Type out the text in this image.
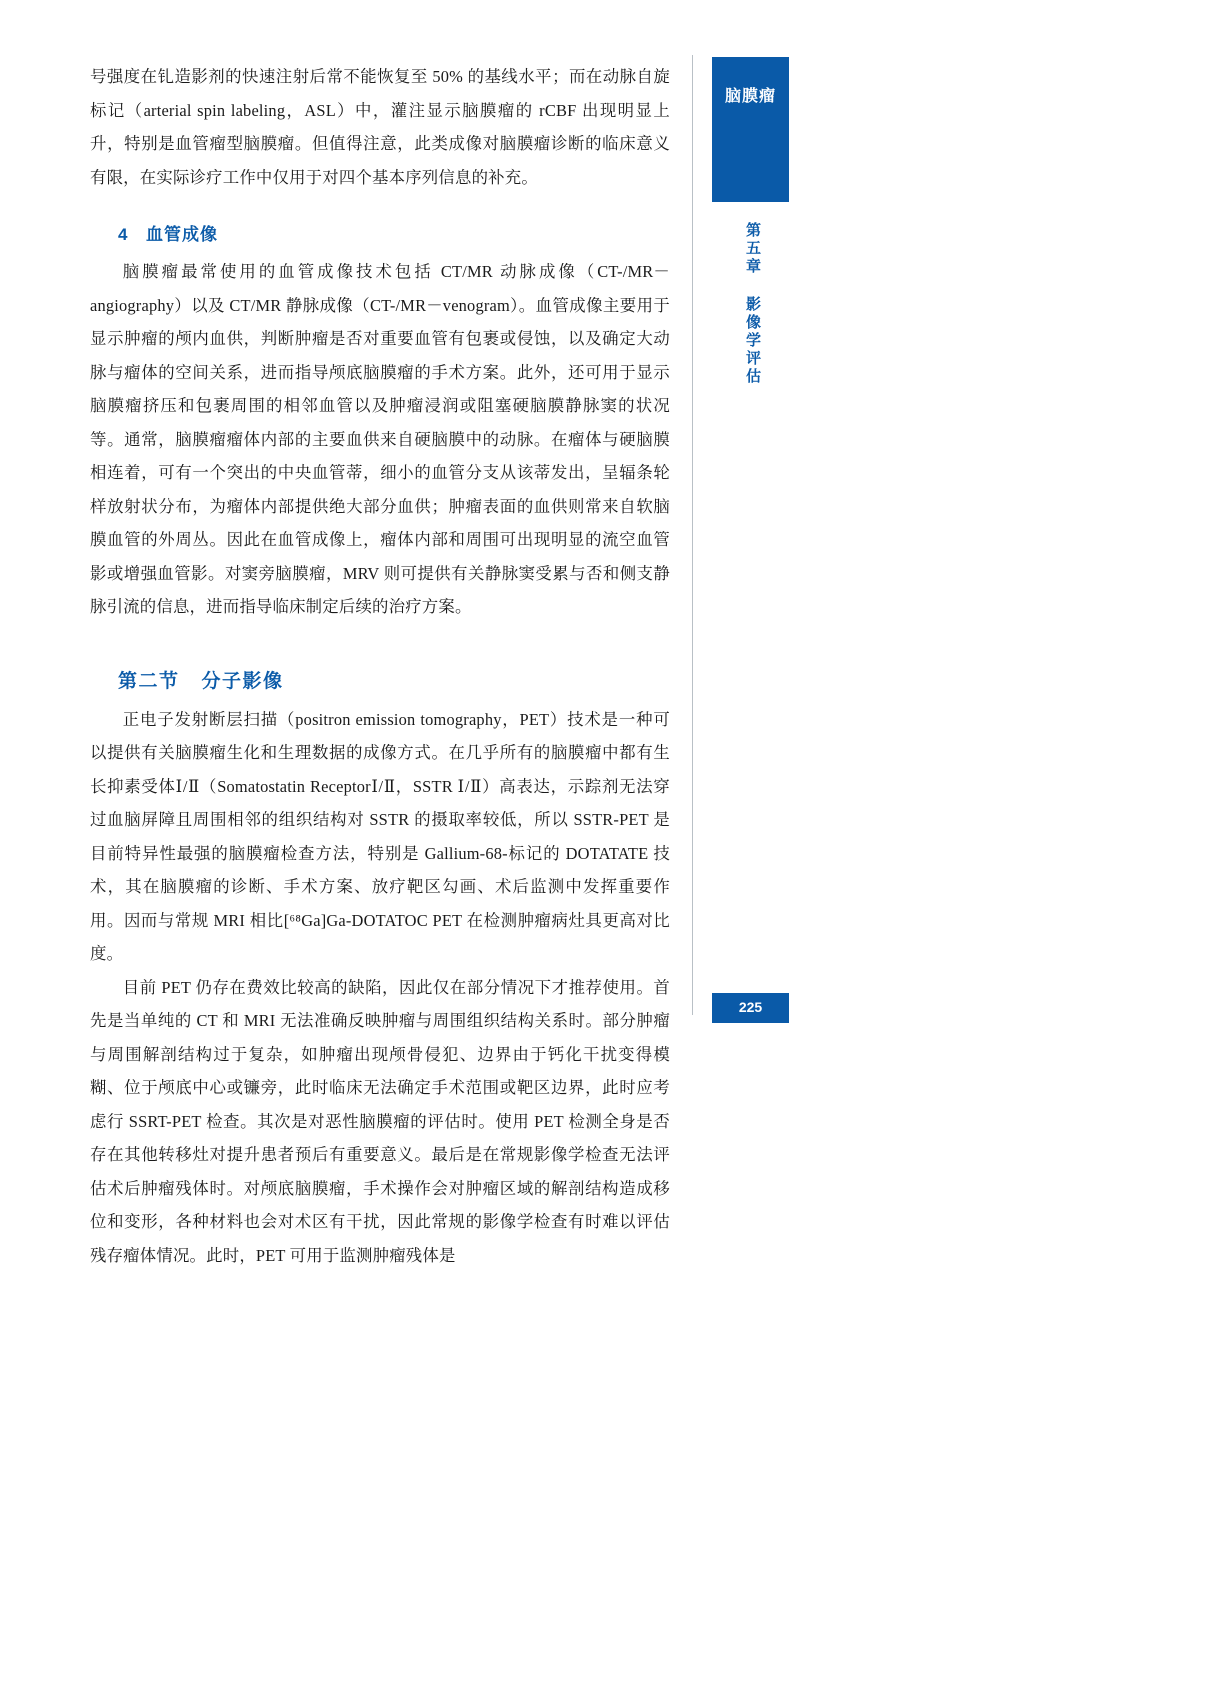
脑膜瘤
第五章 影像学评估
225

号强度在钆造影剂的快速注射后常不能恢复至 50% 的基线水平；而在动脉自旋标记（arterial spin labeling，ASL）中，灌注显示脑膜瘤的 rCBF 出现明显上升，特别是血管瘤型脑膜瘤。但值得注意，此类成像对脑膜瘤诊断的临床意义有限，在实际诊疗工作中仅用于对四个基本序列信息的补充。

4 血管成像

脑膜瘤最常使用的血管成像技术包括 CT/MR 动脉成像（CT-/MR－angiography）以及 CT/MR 静脉成像（CT-/MR－venogram）。血管成像主要用于显示肿瘤的颅内血供，判断肿瘤是否对重要血管有包裹或侵蚀，以及确定大动脉与瘤体的空间关系，进而指导颅底脑膜瘤的手术方案。此外，还可用于显示脑膜瘤挤压和包裹周围的相邻血管以及肿瘤浸润或阻塞硬脑膜静脉窦的状况等。通常，脑膜瘤瘤体内部的主要血供来自硬脑膜中的动脉。在瘤体与硬脑膜相连着，可有一个突出的中央血管蒂，细小的血管分支从该蒂发出，呈辐条轮样放射状分布，为瘤体内部提供绝大部分血供；肿瘤表面的血供则常来自软脑膜血管的外周丛。因此在血管成像上，瘤体内部和周围可出现明显的流空血管影或增强血管影。对窦旁脑膜瘤，MRV 则可提供有关静脉窦受累与否和侧支静脉引流的信息，进而指导临床制定后续的治疗方案。

第二节 分子影像

正电子发射断层扫描（positron emission tomography，PET）技术是一种可以提供有关脑膜瘤生化和生理数据的成像方式。在几乎所有的脑膜瘤中都有生长抑素受体Ⅰ/Ⅱ（Somatostatin ReceptorⅠ/Ⅱ，SSTR Ⅰ/Ⅱ）高表达，示踪剂无法穿过血脑屏障且周围相邻的组织结构对 SSTR 的摄取率较低，所以 SSTR-PET 是目前特异性最强的脑膜瘤检查方法，特别是 Gallium-68-标记的 DOTATATE 技术，其在脑膜瘤的诊断、手术方案、放疗靶区勾画、术后监测中发挥重要作用。因而与常规 MRI 相比[⁶⁸Ga]Ga-DOTATOC PET 在检测肿瘤病灶具更高对比度。

目前 PET 仍存在费效比较高的缺陷，因此仅在部分情况下才推荐使用。首先是当单纯的 CT 和 MRI 无法准确反映肿瘤与周围组织结构关系时。部分肿瘤与周围解剖结构过于复杂，如肿瘤出现颅骨侵犯、边界由于钙化干扰变得模糊、位于颅底中心或镰旁，此时临床无法确定手术范围或靶区边界，此时应考虑行 SSRT-PET 检查。其次是对恶性脑膜瘤的评估时。使用 PET 检测全身是否存在其他转移灶对提升患者预后有重要意义。最后是在常规影像学检查无法评估术后肿瘤残体时。对颅底脑膜瘤，手术操作会对肿瘤区域的解剖结构造成移位和变形，各种材料也会对术区有干扰，因此常规的影像学检查有时难以评估残存瘤体情况。此时，PET 可用于监测肿瘤残体是
